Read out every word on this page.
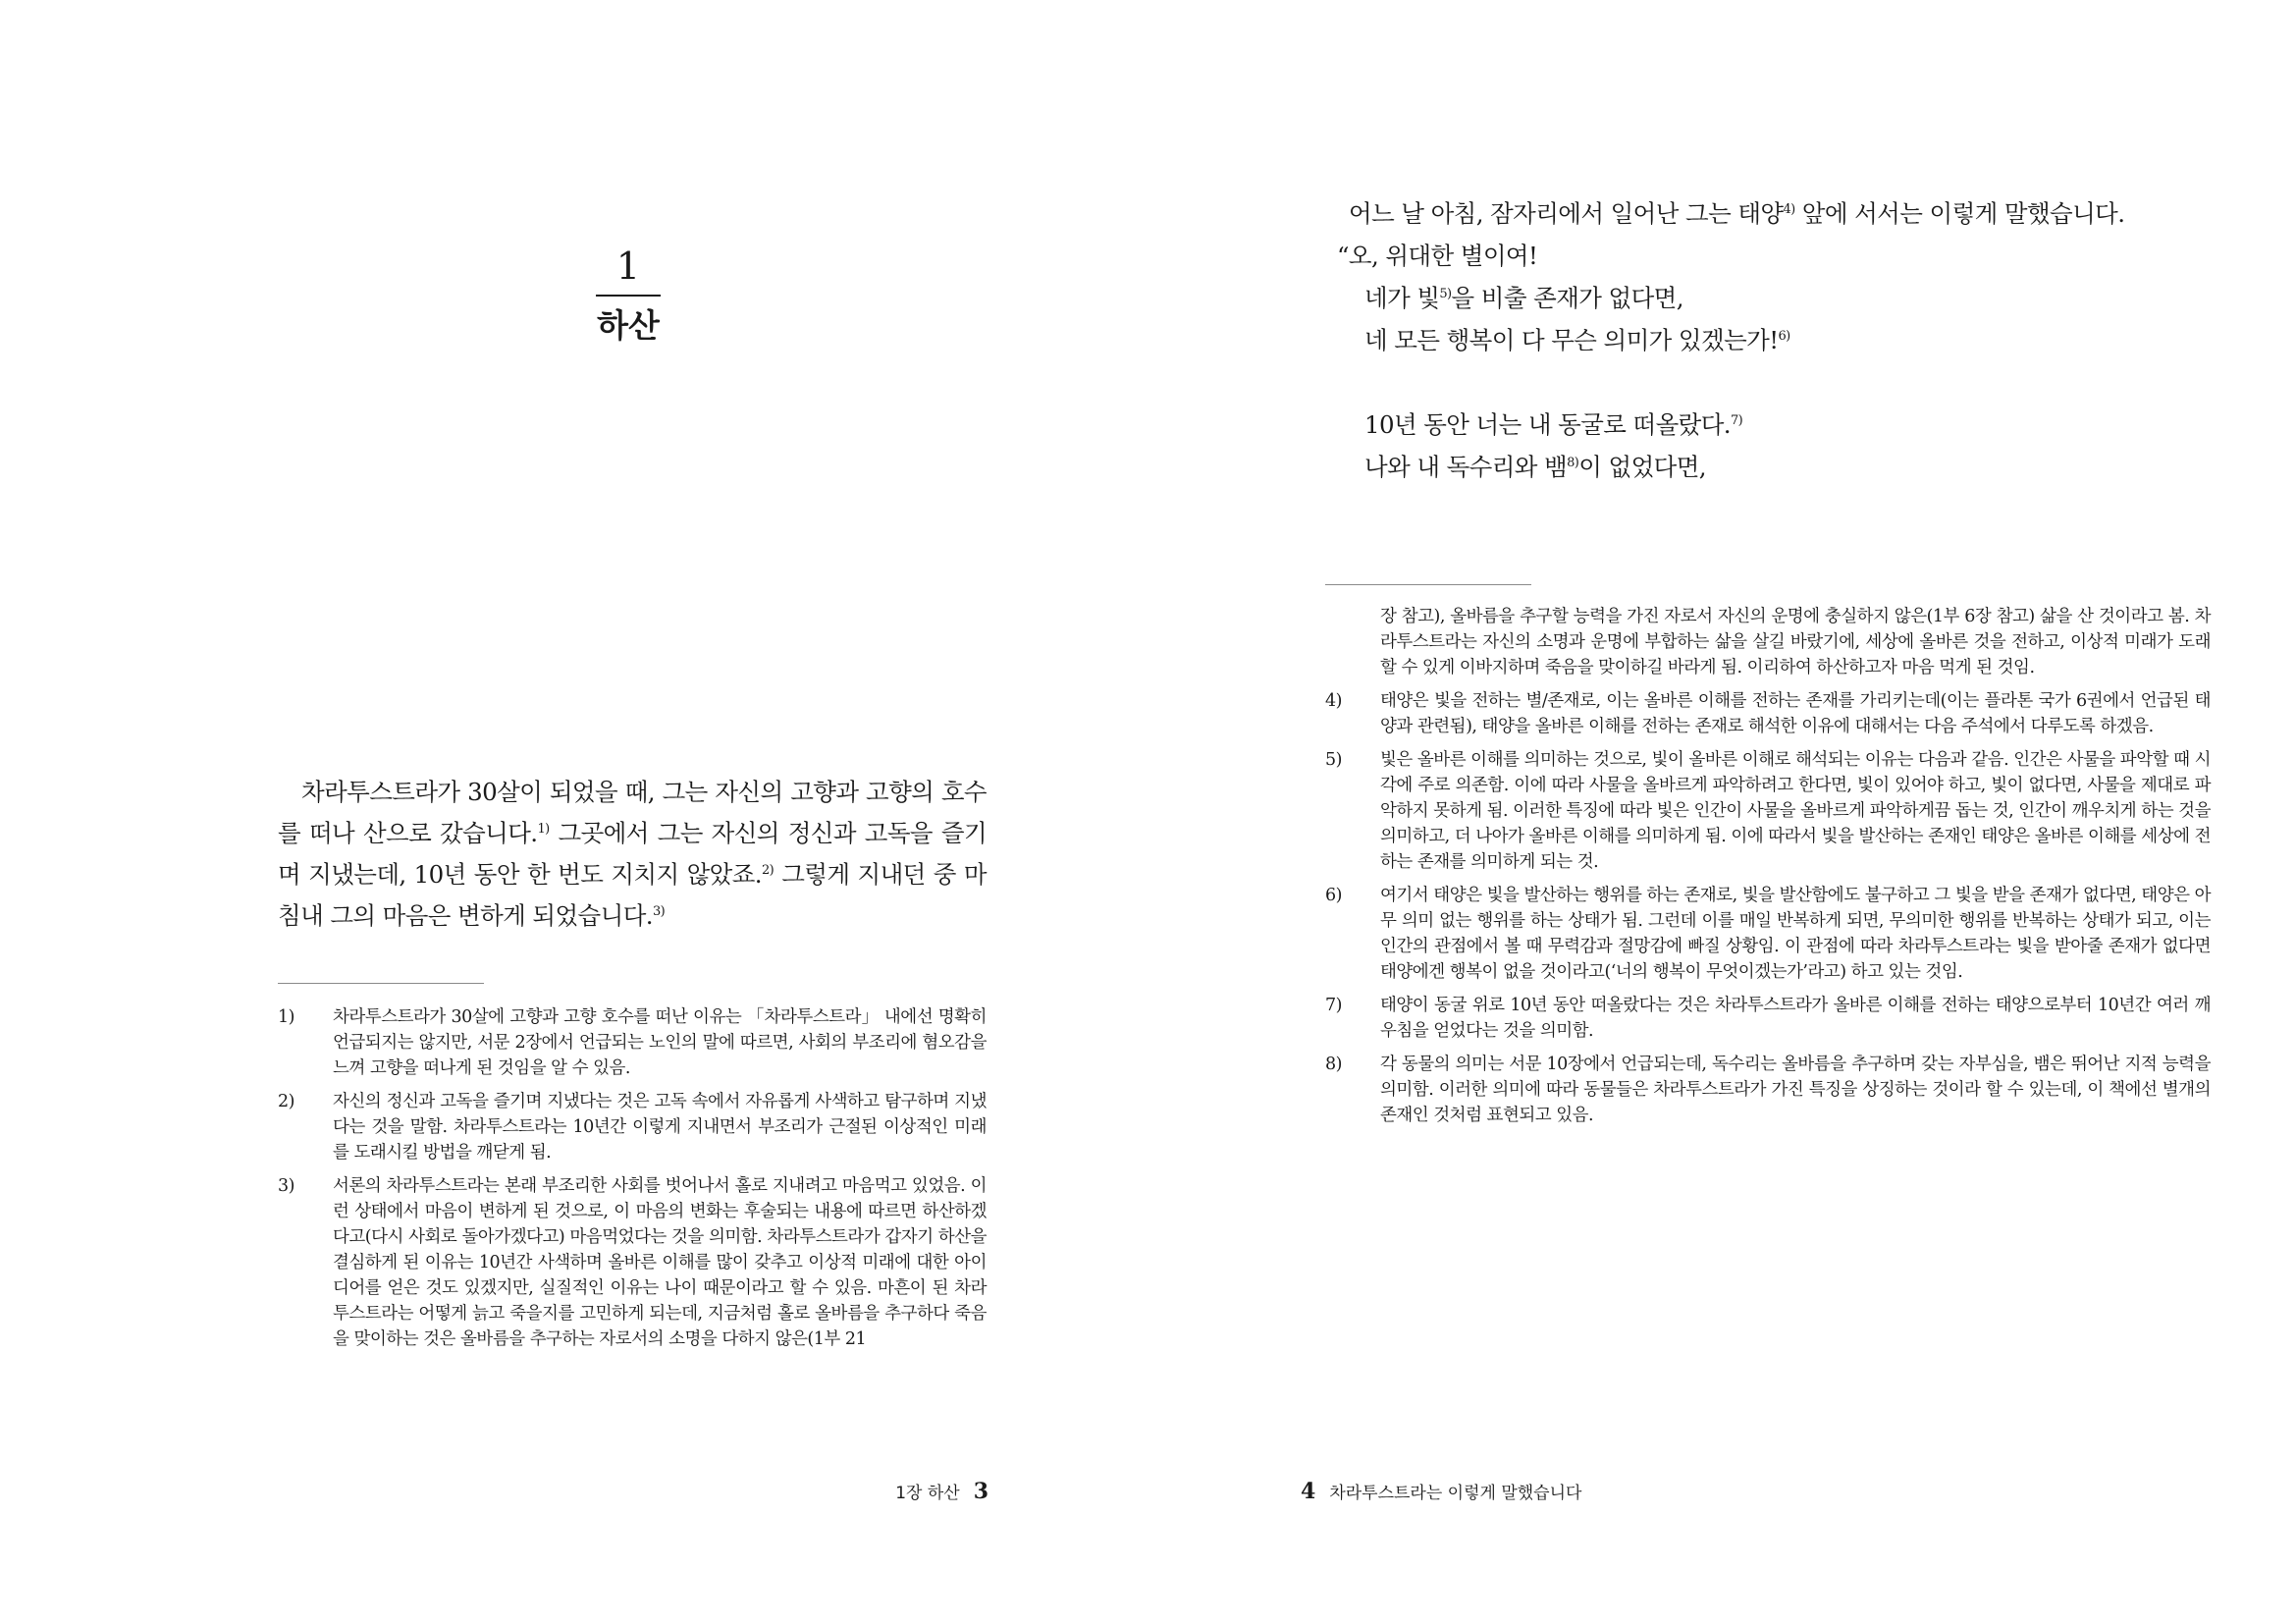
1
하산

차라투스트라가 30살이 되었을 때, 그는 자신의 고향과 고향의 호수를 떠나 산으로 갔습니다.$^{1)}$ 그곳에서 그는 자신의 정신과 고독을 즐기며 지냈는데, 10년 동안 한 번도 지치지 않았죠.$^{2)}$ 그렇게 지내던 중 마침내 그의 마음은 변하게 되었습니다.$^{3)}$

1)	차라투스트라가 30살에 고향과 고향 호수를 떠난 이유는 「차라투스트라」 내에선 명확히 언급되지는 않지만, 서문 2장에서 언급되는 노인의 말에 따르면, 사회의 부조리에 혐오감을 느껴 고향을 떠나게 된 것임을 알 수 있음.
2)	자신의 정신과 고독을 즐기며 지냈다는 것은 고독 속에서 자유롭게 사색하고 탐구하며 지냈다는 것을 말함. 차라투스트라는 10년간 이렇게 지내면서 부조리가 근절된 이상적인 미래를 도래시킬 방법을 깨닫게 됨.
3)	서론의 차라투스트라는 본래 부조리한 사회를 벗어나서 홀로 지내려고 마음먹고 있었음. 이런 상태에서 마음이 변하게 된 것으로, 이 마음의 변화는 후술되는 내용에 따르면 하산하겠다고(다시 사회로 돌아가겠다고) 마음먹었다는 것을 의미함. 차라투스트라가 갑자기 하산을 결심하게 된 이유는 10년간 사색하며 올바른 이해를 많이 갖추고 이상적 미래에 대한 아이디어를 얻은 것도 있겠지만, 실질적인 이유는 나이 때문이라고 할 수 있음. 마흔이 된 차라투스트라는 어떻게 늙고 죽을지를 고민하게 되는데, 지금처럼 홀로 올바름을 추구하다 죽음을 맞이하는 것은 올바름을 추구하는 자로서의 소명을 다하지 않은(1부 21
1장 하산 3
어느 날 아침, 잠자리에서 일어난 그는 태양$^{4)}$ 앞에 서서는 이렇게 말했습니다.
“오, 위대한 별이여!
네가 빛$^{5)}$을 비출 존재가 없다면,
네 모든 행복이 다 무슨 의미가 있겠는가!$^{6)}$
10년 동안 너는 내 동굴로 떠올랐다.$^{7)}$
나와 내 독수리와 뱀$^{8)}$이 없었다면,
장 참고), 올바름을 추구할 능력을 가진 자로서 자신의 운명에 충실하지 않은(1부 6장 참고) 삶을 산 것이라고 봄. 차라투스트라는 자신의 소명과 운명에 부합하는 삶을 살길 바랐기에, 세상에 올바른 것을 전하고, 이상적 미래가 도래할 수 있게 이바지하며 죽음을 맞이하길 바라게 됨. 이리하여 하산하고자 마음 먹게 된 것임.
4)	태양은 빛을 전하는 별/존재로, 이는 올바른 이해를 전하는 존재를 가리키는데(이는 플라톤 국가 6권에서 언급된 태양과 관련됨), 태양을 올바른 이해를 전하는 존재로 해석한 이유에 대해서는 다음 주석에서 다루도록 하겠음.
5)	빛은 올바른 이해를 의미하는 것으로, 빛이 올바른 이해로 해석되는 이유는 다음과 같음. 인간은 사물을 파악할 때 시각에 주로 의존함. 이에 따라 사물을 올바르게 파악하려고 한다면, 빛이 있어야 하고, 빛이 없다면, 사물을 제대로 파악하지 못하게 됨. 이러한 특징에 따라 빛은 인간이 사물을 올바르게 파악하게끔 돕는 것, 인간이 깨우치게 하는 것을 의미하고, 더 나아가 올바른 이해를 의미하게 됨. 이에 따라서 빛을 발산하는 존재인 태양은 올바른 이해를 세상에 전하는 존재를 의미하게 되는 것.
6)	여기서 태양은 빛을 발산하는 행위를 하는 존재로, 빛을 발산함에도 불구하고 그 빛을 받을 존재가 없다면, 태양은 아무 의미 없는 행위를 하는 상태가 됨. 그런데 이를 매일 반복하게 되면, 무의미한 행위를 반복하는 상태가 되고, 이는 인간의 관점에서 볼 때 무력감과 절망감에 빠질 상황임. 이 관점에 따라 차라투스트라는 빛을 받아줄 존재가 없다면 태양에겐 행복이 없을 것이라고(‘너의 행복이 무엇이겠는가’라고) 하고 있는 것임.
7)	태양이 동굴 위로 10년 동안 떠올랐다는 것은 차라투스트라가 올바른 이해를 전하는 태양으로부터 10년간 여러 깨우침을 얻었다는 것을 의미함.
8)	각 동물의 의미는 서문 10장에서 언급되는데, 독수리는 올바름을 추구하며 갖는 자부심을, 뱀은 뛰어난 지적 능력을 의미함. 이러한 의미에 따라 동물들은 차라투스트라가 가진 특징을 상징하는 것이라 할 수 있는데, 이 책에선 별개의 존재인 것처럼 표현되고 있음.
4 차라투스트라는 이렇게 말했습니다
